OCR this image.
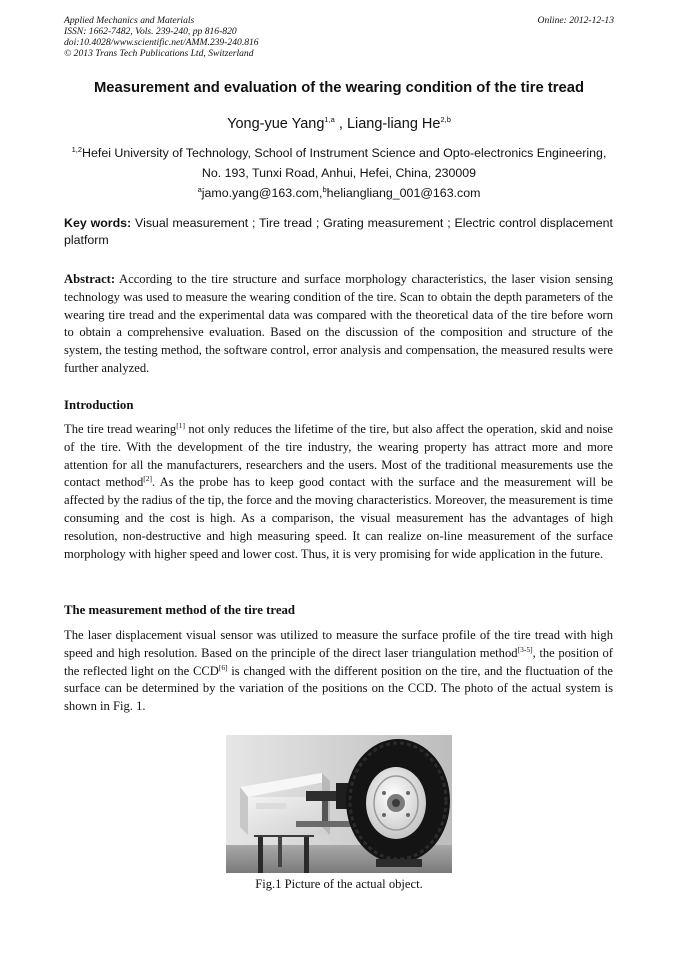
Applied Mechanics and Materials
ISSN: 1662-7482, Vols. 239-240, pp 816-820
doi:10.4028/www.scientific.net/AMM.239-240.816
© 2013 Trans Tech Publications Ltd, Switzerland
Online: 2012-12-13
Measurement and evaluation of the wearing condition of the tire tread
Yong-yue Yang$^{1,a}$ , Liang-liang He$^{2,b}$
$^{1,2}$Hefei University of Technology, School of Instrument Science and Opto-electronics Engineering,
No. 193, Tunxi Road, Anhui, Hefei, China, 230009
$^a$jamo.yang@163.com,$^b$heliangliang_001@163.com
Key words: Visual measurement ; Tire tread ; Grating measurement ; Electric control displacement platform

Abstract: According to the tire structure and surface morphology characteristics, the laser vision sensing technology was used to measure the wearing condition of the tire. Scan to obtain the depth parameters of the wearing tire tread and the experimental data was compared with the theoretical data of the tire before worn to obtain a comprehensive evaluation. Based on the discussion of the composition and structure of the system, the testing method, the software control, error analysis and compensation, the measured results were further analyzed.

Introduction

The tire tread wearing[1] not only reduces the lifetime of the tire, but also affect the operation, skid and noise of the tire. With the development of the tire industry, the wearing property has attract more and more attention for all the manufacturers, researchers and the users. Most of the traditional measurements use the contact method[2]. As the probe has to keep good contact with the surface and the measurement will be affected by the radius of the tip, the force and the moving characteristics. Moreover, the measurement is time consuming and the cost is high. As a comparison, the visual measurement has the advantages of high resolution, non-destructive and high measuring speed. It can realize on-line measurement of the surface morphology with higher speed and lower cost. Thus, it is very promising for wide application in the future.

The measurement method of the tire tread

The laser displacement visual sensor was utilized to measure the surface profile of the tire tread with high speed and high resolution. Based on the principle of the direct laser triangulation method[3-5], the position of the reflected light on the CCD[6] is changed with the different position on the tire, and the fluctuation of the surface can be determined by the variation of the positions on the CCD. The photo of the actual system is shown in Fig. 1.

Fig.1 Picture of the actual object.
